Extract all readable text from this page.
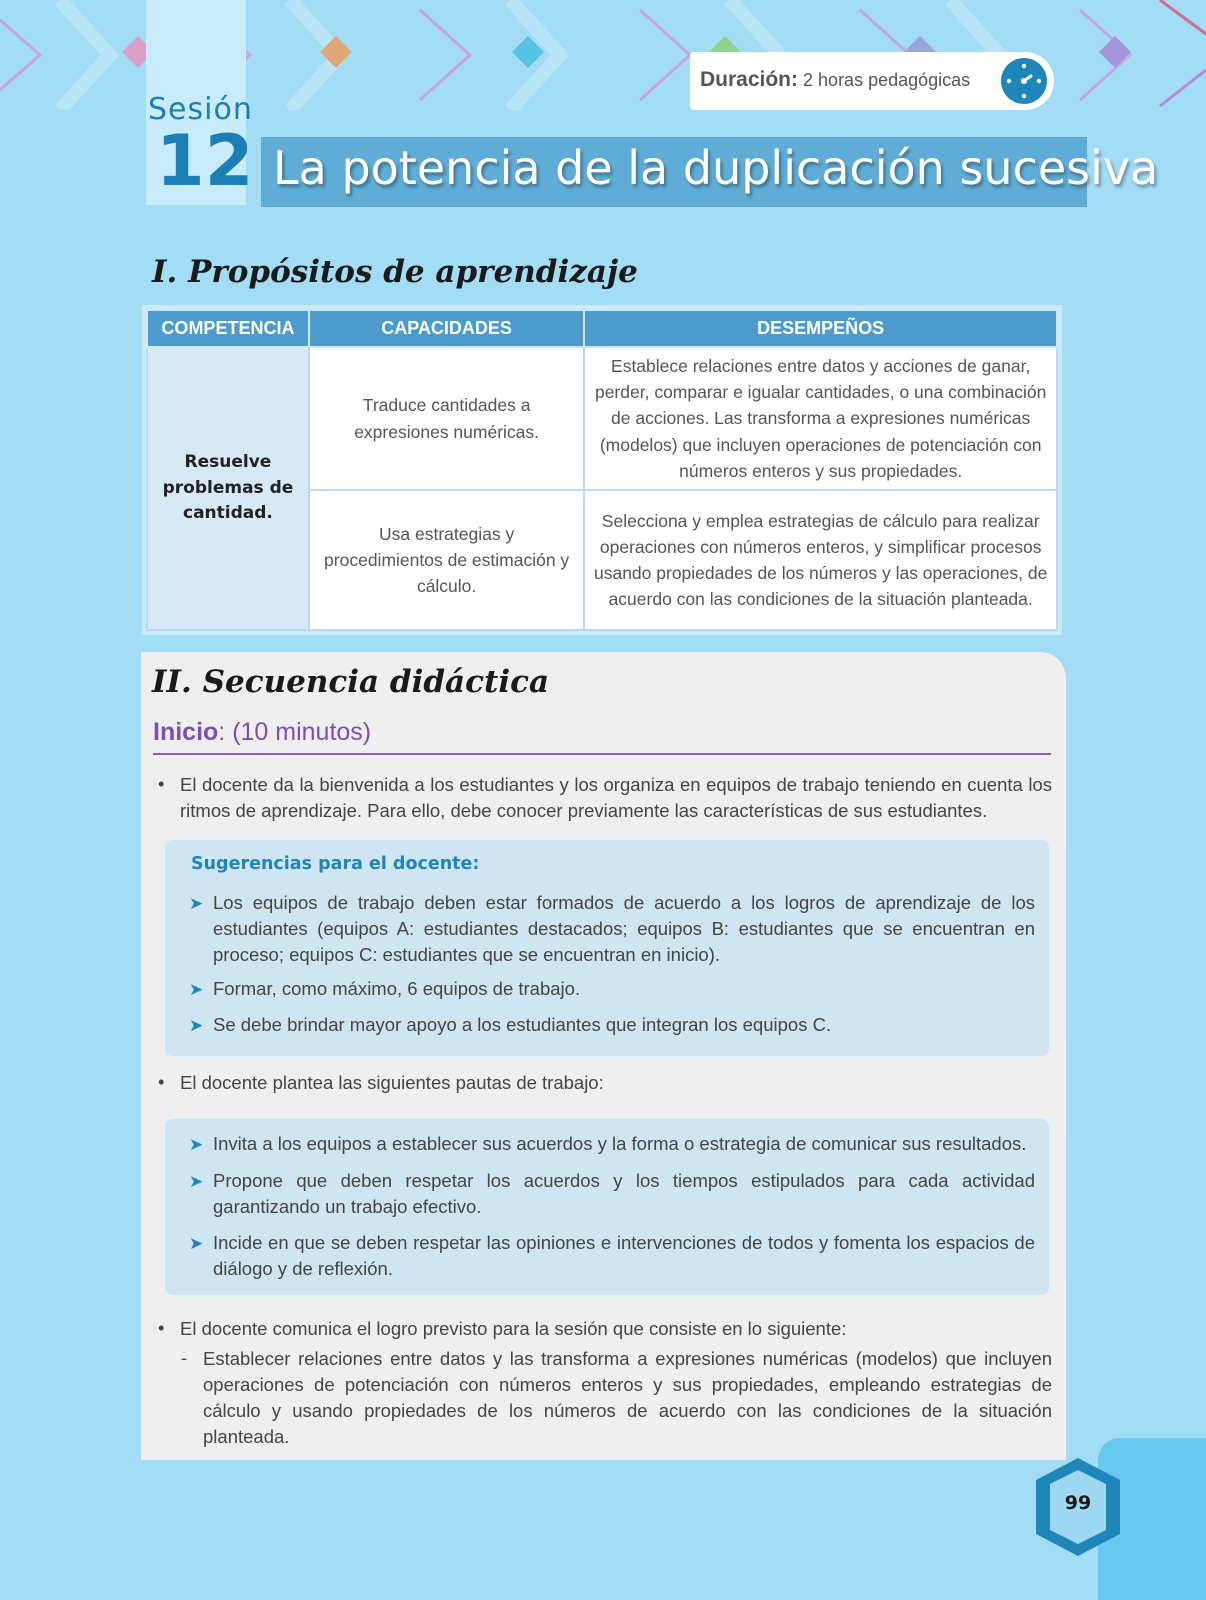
Sesión
12
Duración: 2 horas pedagógicas
La potencia de la duplicación sucesiva
I. Propósitos de aprendizaje
COMPETENCIA	CAPACIDADES	DESEMPEÑOS
Resuelve problemas de cantidad.	Traduce cantidades a expresiones numéricas.	Establece relaciones entre datos y acciones de ganar, perder, comparar e igualar cantidades, o una combinación de acciones. Las transforma a expresiones numéricas (modelos) que incluyen operaciones de potenciación con números enteros y sus propiedades.
	Usa estrategias y procedimientos de estimación y cálculo.	Selecciona y emplea estrategias de cálculo para realizar operaciones con números enteros, y simplificar procesos usando propiedades de los números y las operaciones, de acuerdo con las condiciones de la situación planteada.
II. Secuencia didáctica
Inicio: (10 minutos)
• El docente da la bienvenida a los estudiantes y los organiza en equipos de trabajo teniendo en cuenta los ritmos de aprendizaje. Para ello, debe conocer previamente las características de sus estudiantes.
Sugerencias para el docente:
➤ Los equipos de trabajo deben estar formados de acuerdo a los logros de aprendizaje de los estudiantes (equipos A: estudiantes destacados; equipos B: estudiantes que se encuentran en proceso; equipos C: estudiantes que se encuentran en inicio).
➤ Formar, como máximo, 6 equipos de trabajo.
➤ Se debe brindar mayor apoyo a los estudiantes que integran los equipos C.
• El docente plantea las siguientes pautas de trabajo:
➤ Invita a los equipos a establecer sus acuerdos y la forma o estrategia de comunicar sus resultados.
➤ Propone que deben respetar los acuerdos y los tiempos estipulados para cada actividad garantizando un trabajo efectivo.
➤ Incide en que se deben respetar las opiniones e intervenciones de todos y fomenta los espacios de diálogo y de reflexión.
• El docente comunica el logro previsto para la sesión que consiste en lo siguiente:
- Establecer relaciones entre datos y las transforma a expresiones numéricas (modelos) que incluyen operaciones de potenciación con números enteros y sus propiedades, empleando estrategias de cálculo y usando propiedades de los números de acuerdo con las condiciones de la situación planteada.
99
